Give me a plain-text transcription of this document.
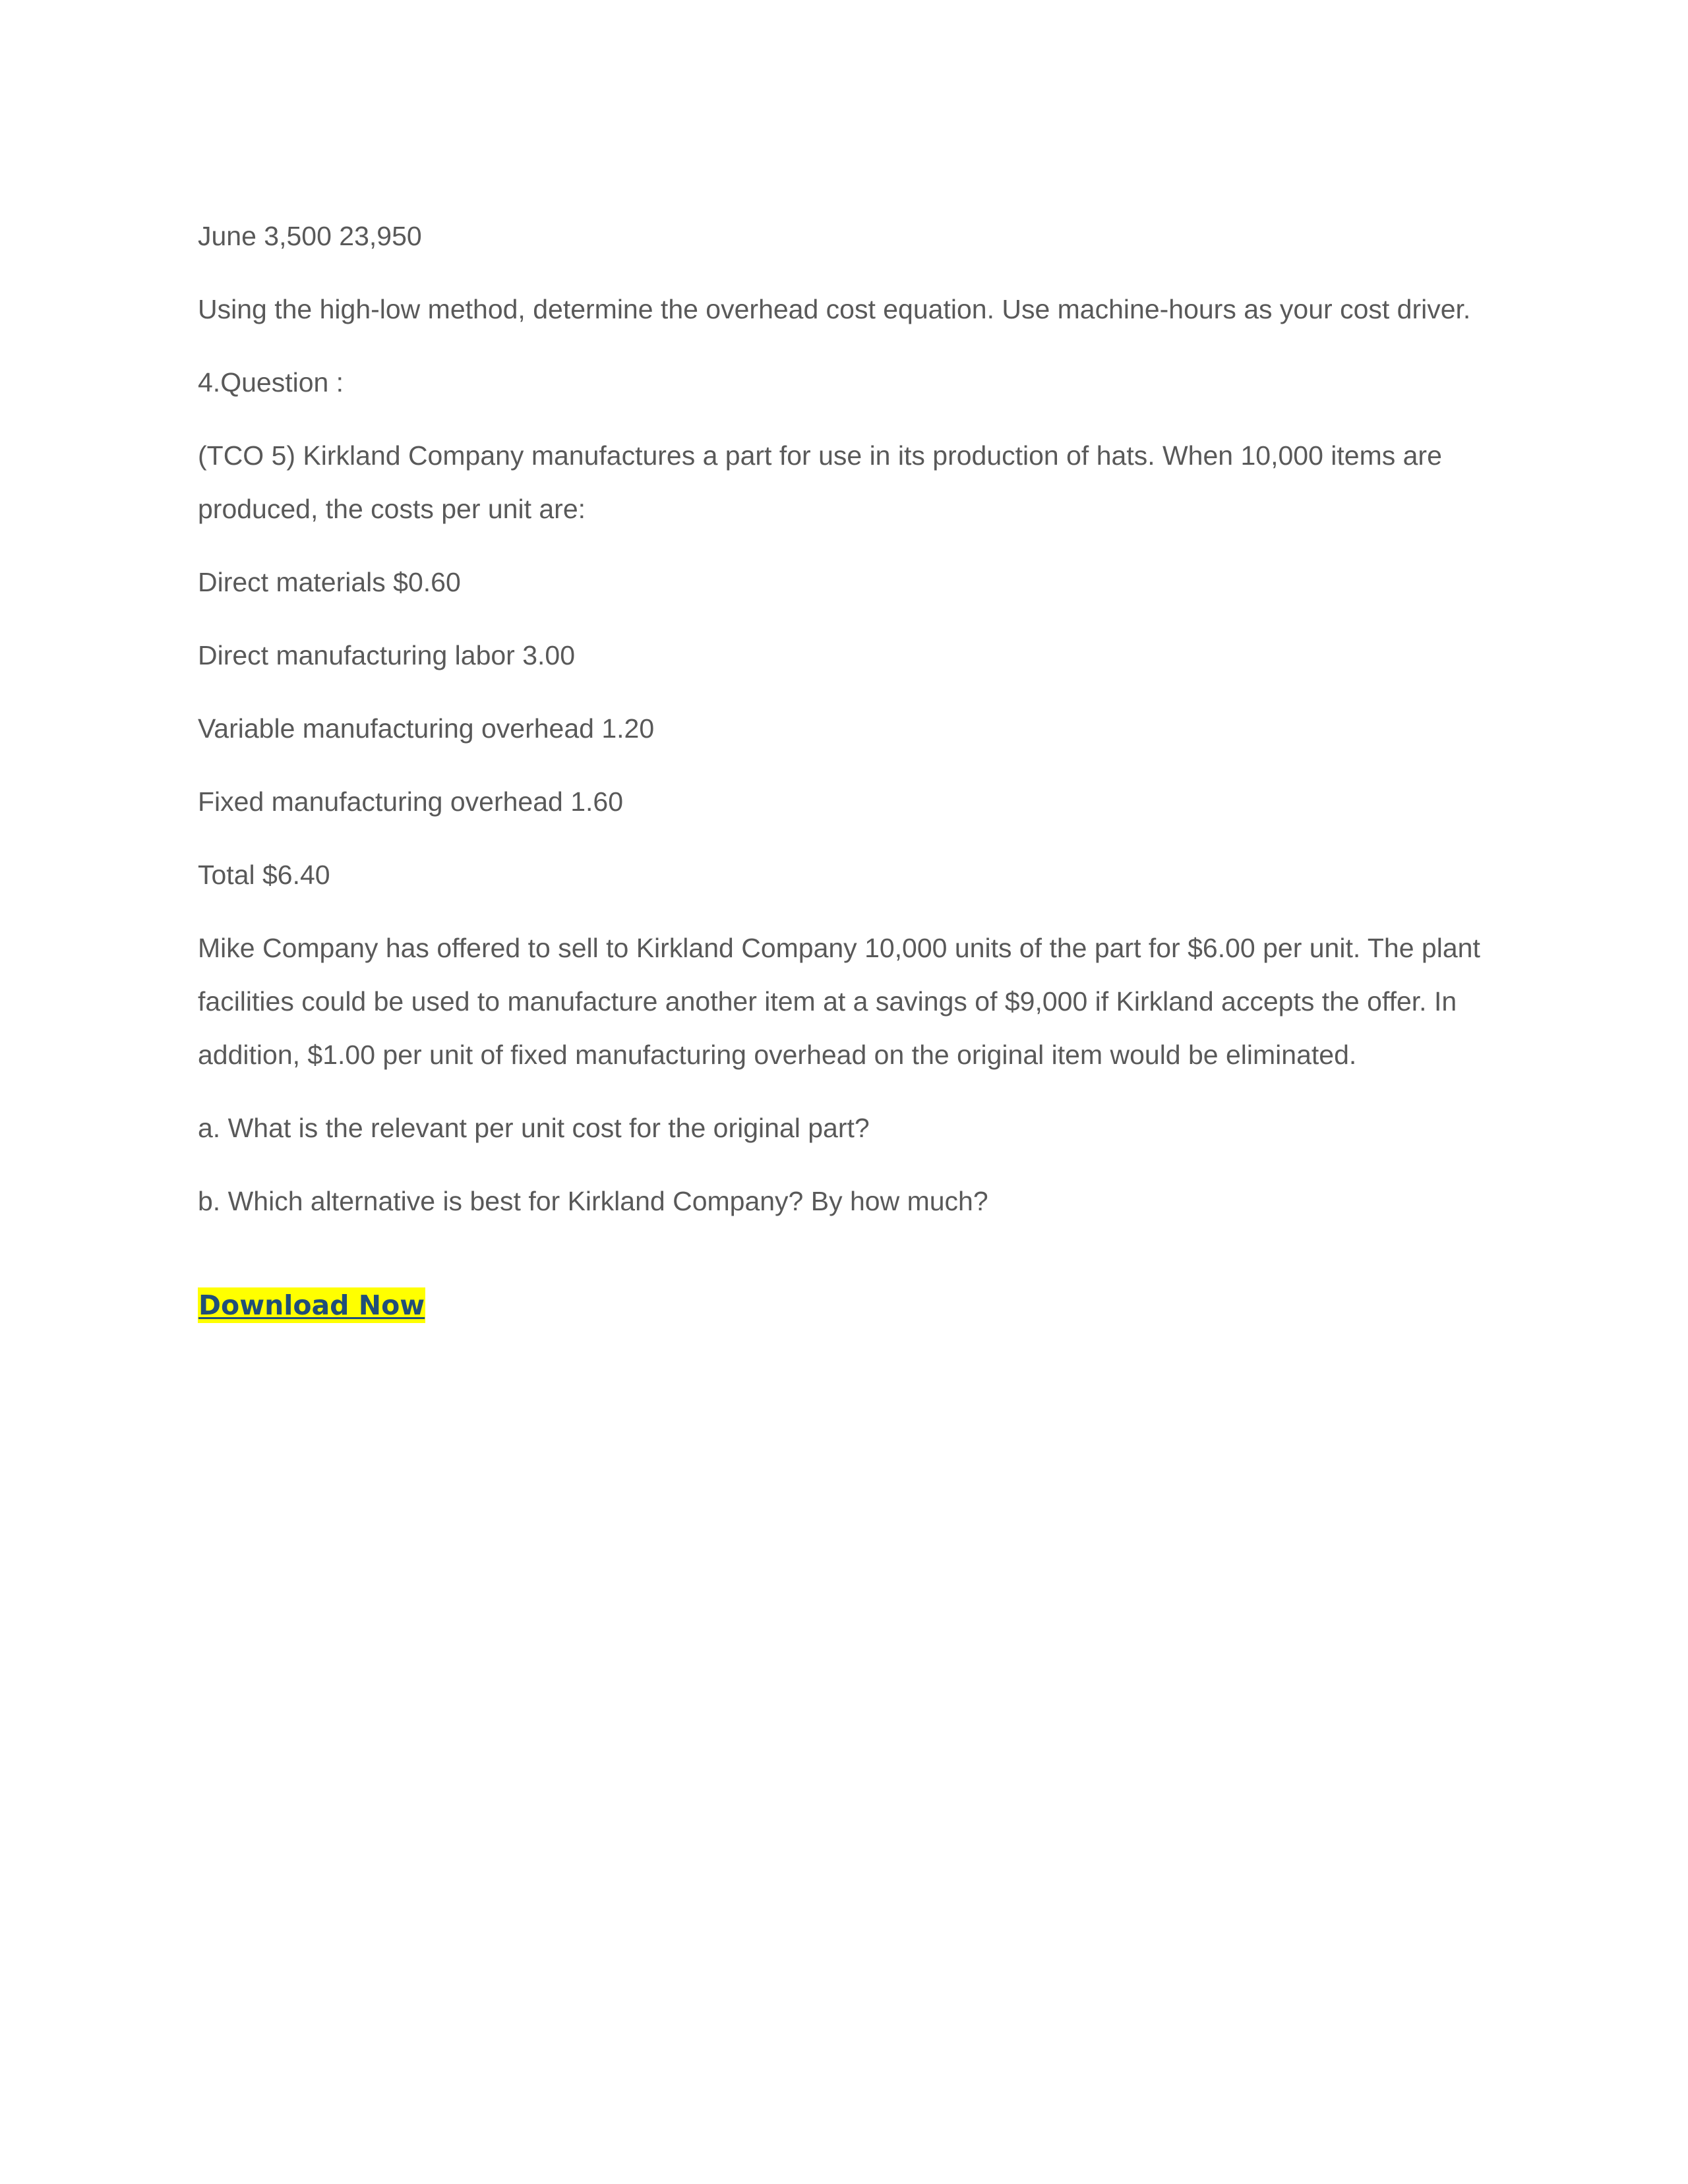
June 3,500 23,950

Using the high-low method, determine the overhead cost equation. Use machine-hours as your cost driver.

4.Question :

(TCO 5) Kirkland Company manufactures a part for use in its production of hats. When 10,000 items are produced, the costs per unit are:

Direct materials $0.60

Direct manufacturing labor 3.00

Variable manufacturing overhead 1.20

Fixed manufacturing overhead 1.60

Total $6.40

Mike Company has offered to sell to Kirkland Company 10,000 units of the part for $6.00 per unit. The plant facilities could be used to manufacture another item at a savings of $9,000 if Kirkland accepts the offer. In addition, $1.00 per unit of fixed manufacturing overhead on the original item would be eliminated.

a. What is the relevant per unit cost for the original part?

b. Which alternative is best for Kirkland Company? By how much?

Download Now
